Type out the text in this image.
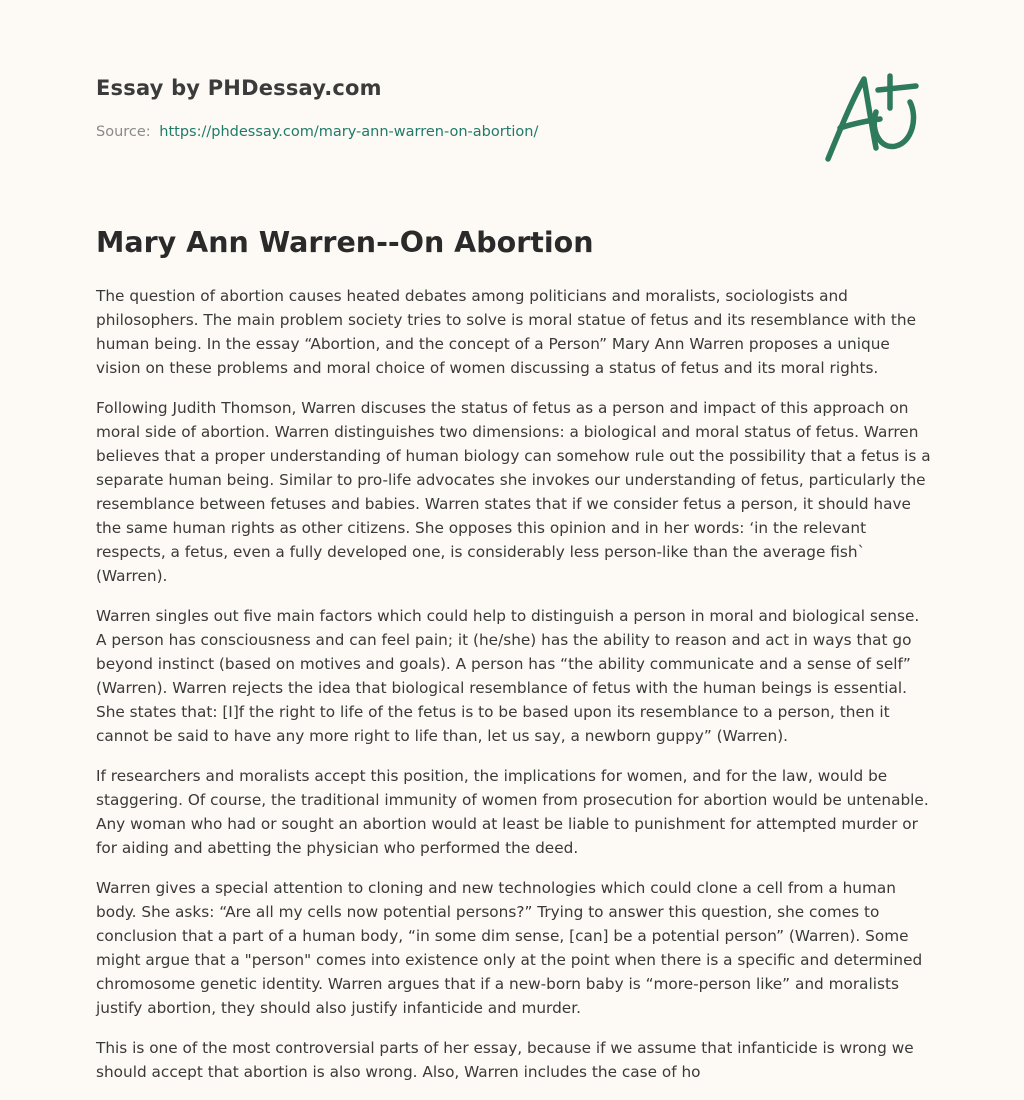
Essay by PHDessay.com
Source: https://phdessay.com/mary-ann-warren-on-abortion/
Mary Ann Warren--On Abortion

The question of abortion causes heated debates among politicians and moralists, sociologists and philosophers. The main problem society tries to solve is moral statue of fetus and its resemblance with the human being. In the essay “Abortion, and the concept of a Person” Mary Ann Warren proposes a unique vision on these problems and moral choice of women discussing a status of fetus and its moral rights.

Following Judith Thomson, Warren discuses the status of fetus as a person and impact of this approach on moral side of abortion. Warren distinguishes two dimensions: a biological and moral status of fetus. Warren believes that a proper understanding of human biology can somehow rule out the possibility that a fetus is a separate human being. Similar to pro-life advocates she invokes our understanding of fetus, particularly the resemblance between fetuses and babies. Warren states that if we consider fetus a person, it should have the same human rights as other citizens. She opposes this opinion and in her words: ‘in the relevant respects, a fetus, even a fully developed one, is considerably less person-like than the average fish` (Warren).

Warren singles out five main factors which could help to distinguish a person in moral and biological sense. A person has consciousness and can feel pain; it (he/she) has the ability to reason and act in ways that go beyond instinct (based on motives and goals). A person has “the ability communicate and a sense of self” (Warren). Warren rejects the idea that biological resemblance of fetus with the human beings is essential. She states that: [I]f the right to life of the fetus is to be based upon its resemblance to a person, then it cannot be said to have any more right to life than, let us say, a newborn guppy” (Warren).

If researchers and moralists accept this position, the implications for women, and for the law, would be staggering. Of course, the traditional immunity of women from prosecution for abortion would be untenable. Any woman who had or sought an abortion would at least be liable to punishment for attempted murder or for aiding and abetting the physician who performed the deed.

Warren gives a special attention to cloning and new technologies which could clone a cell from a human body. She asks: “Are all my cells now potential persons?” Trying to answer this question, she comes to conclusion that a part of a human body, “in some dim sense, [can] be a potential person” (Warren). Some might argue that a "person" comes into existence only at the point when there is a specific and determined chromosome genetic identity. Warren argues that if a new-born baby is “more-person like” and moralists justify abortion, they should also justify infanticide and murder.

This is one of the most controversial parts of her essay, because if we assume that infanticide is wrong we should accept that abortion is also wrong. Also, Warren includes the case of ho
